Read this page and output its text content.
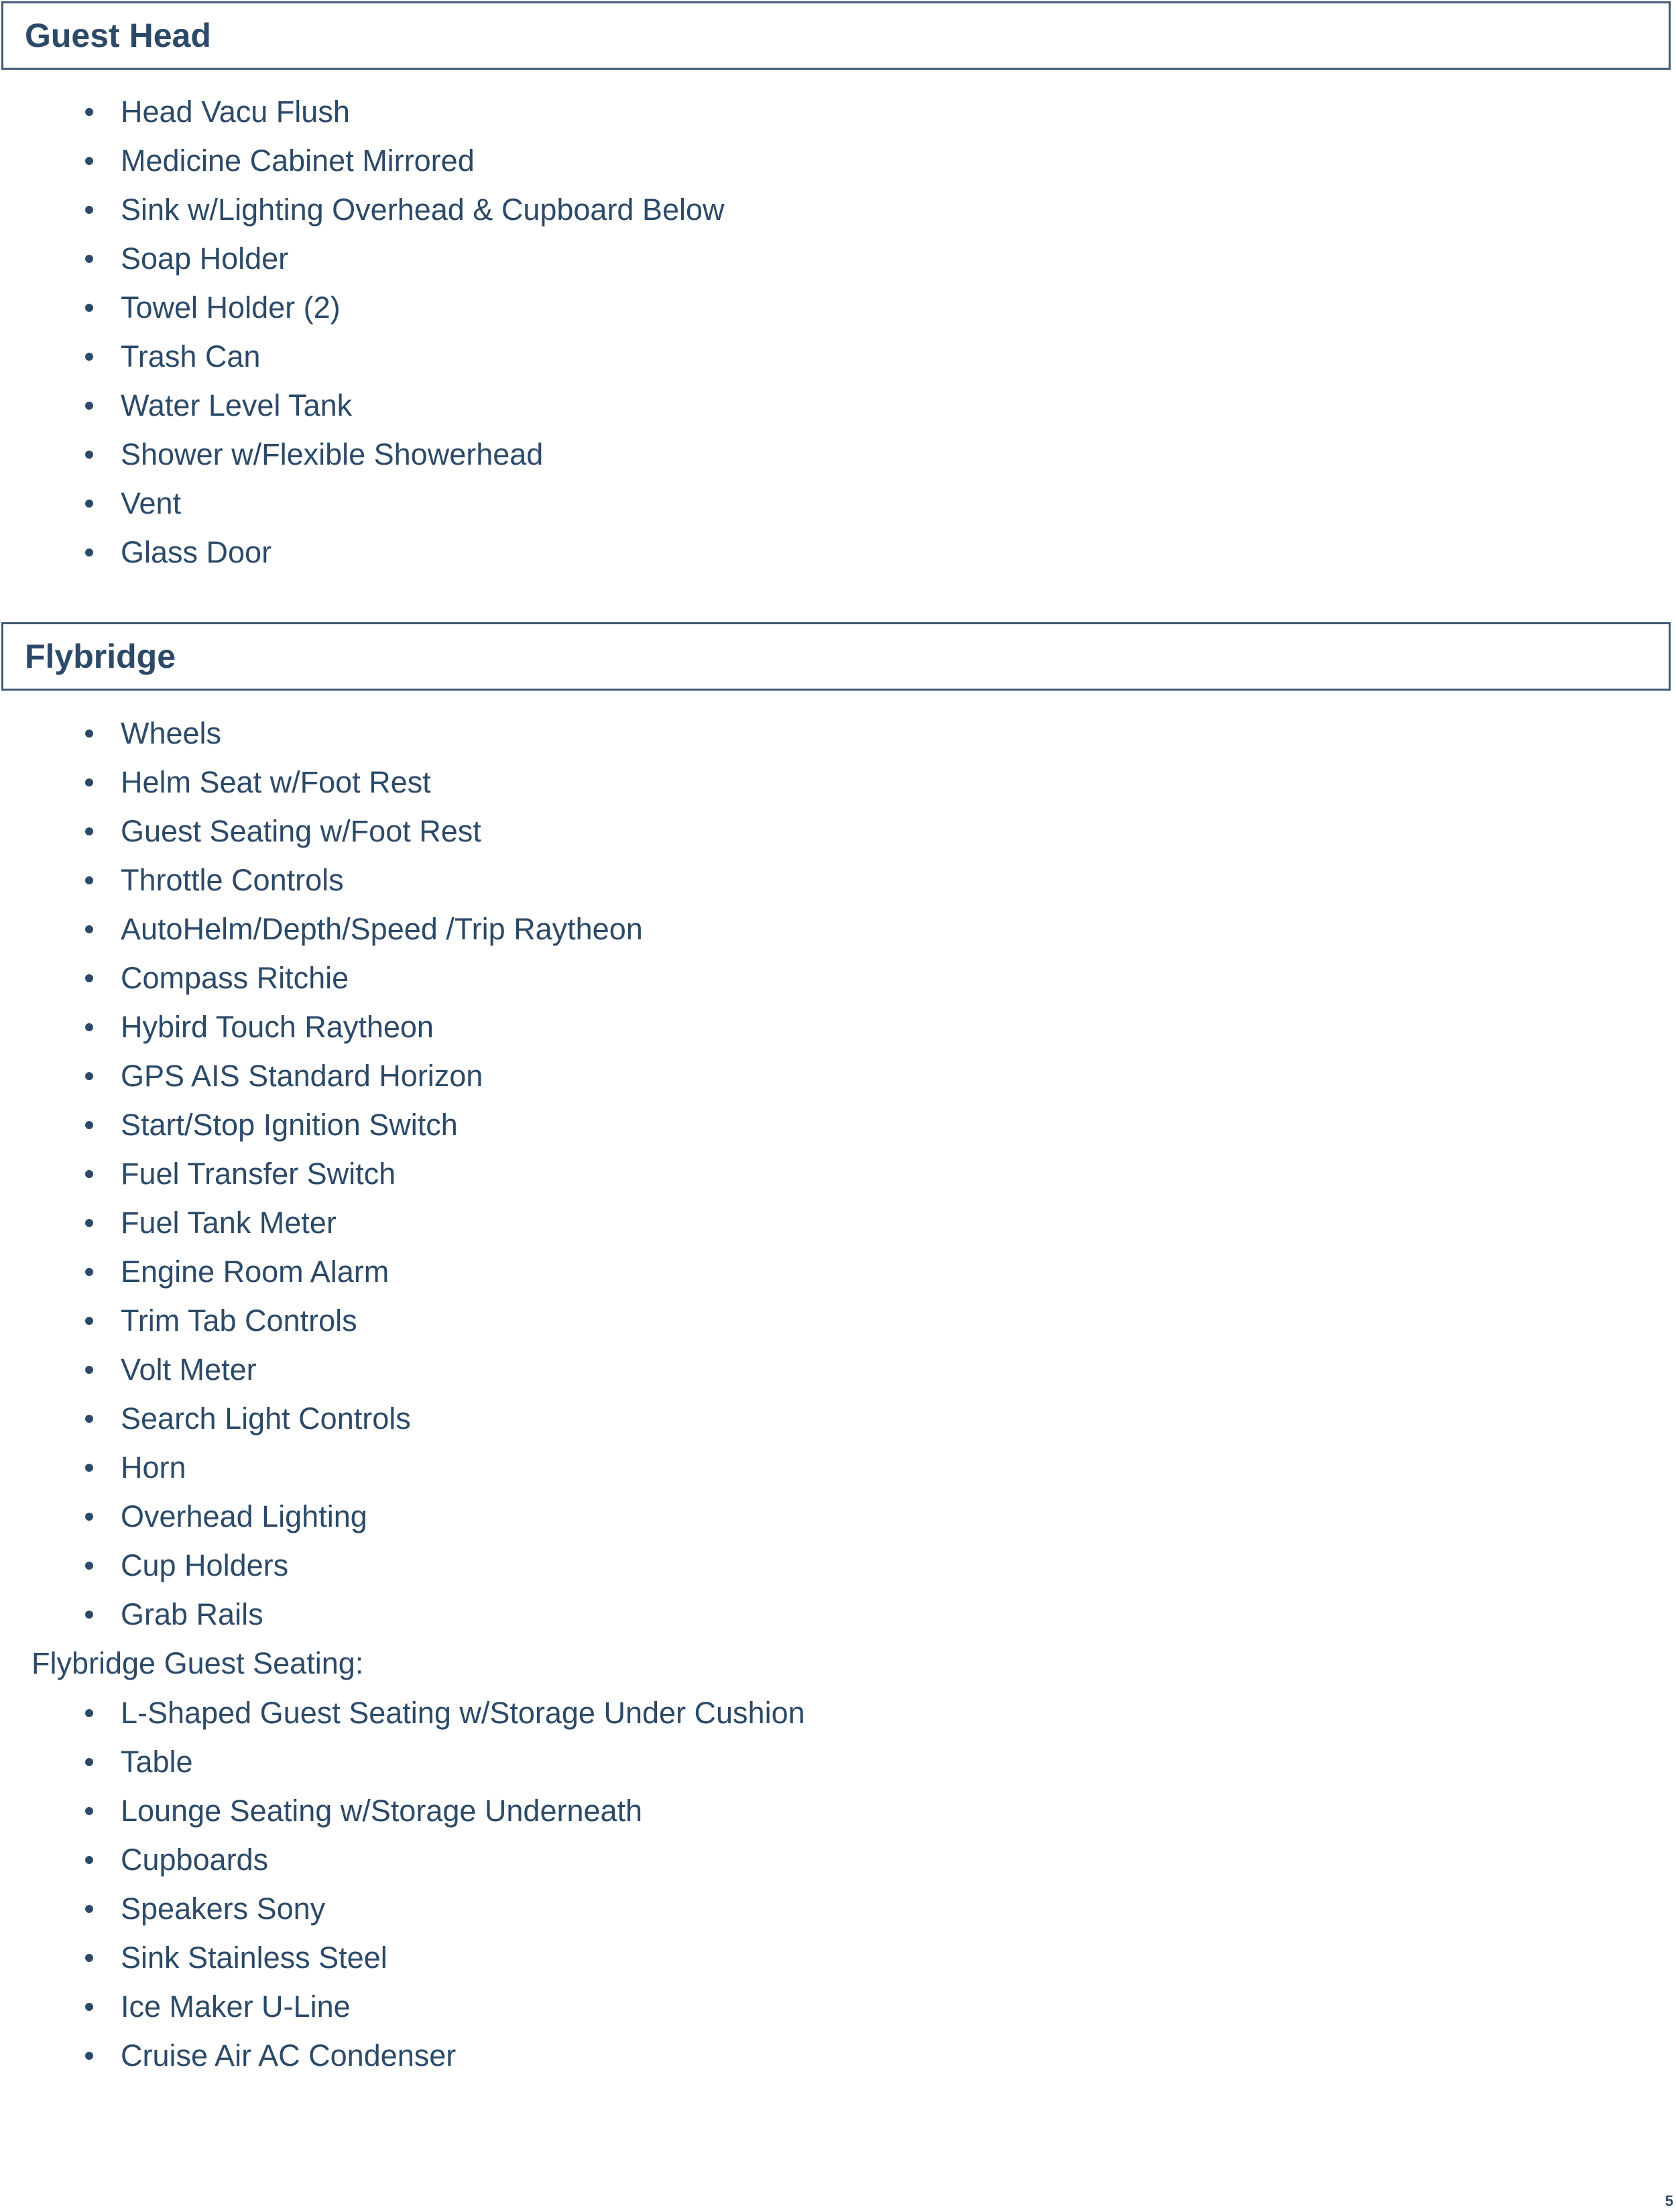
Guest Head
Head Vacu Flush
Medicine Cabinet Mirrored
Sink w/Lighting Overhead & Cupboard Below
Soap Holder
Towel Holder (2)
Trash Can
Water Level Tank
Shower w/Flexible Showerhead
Vent
Glass Door
Flybridge
Wheels
Helm Seat w/Foot Rest
Guest Seating w/Foot Rest
Throttle Controls
AutoHelm/Depth/Speed /Trip Raytheon
Compass Ritchie
Hybird Touch Raytheon
GPS AIS Standard Horizon
Start/Stop Ignition Switch
Fuel Transfer Switch
Fuel Tank Meter
Engine Room Alarm
Trim Tab Controls
Volt Meter
Search Light Controls
Horn
Overhead Lighting
Cup Holders
Grab Rails
Flybridge Guest Seating:
L-Shaped Guest Seating w/Storage Under Cushion
Table
Lounge Seating w/Storage Underneath
Cupboards
Speakers Sony
Sink Stainless Steel
Ice Maker U-Line
Cruise Air AC Condenser
5
